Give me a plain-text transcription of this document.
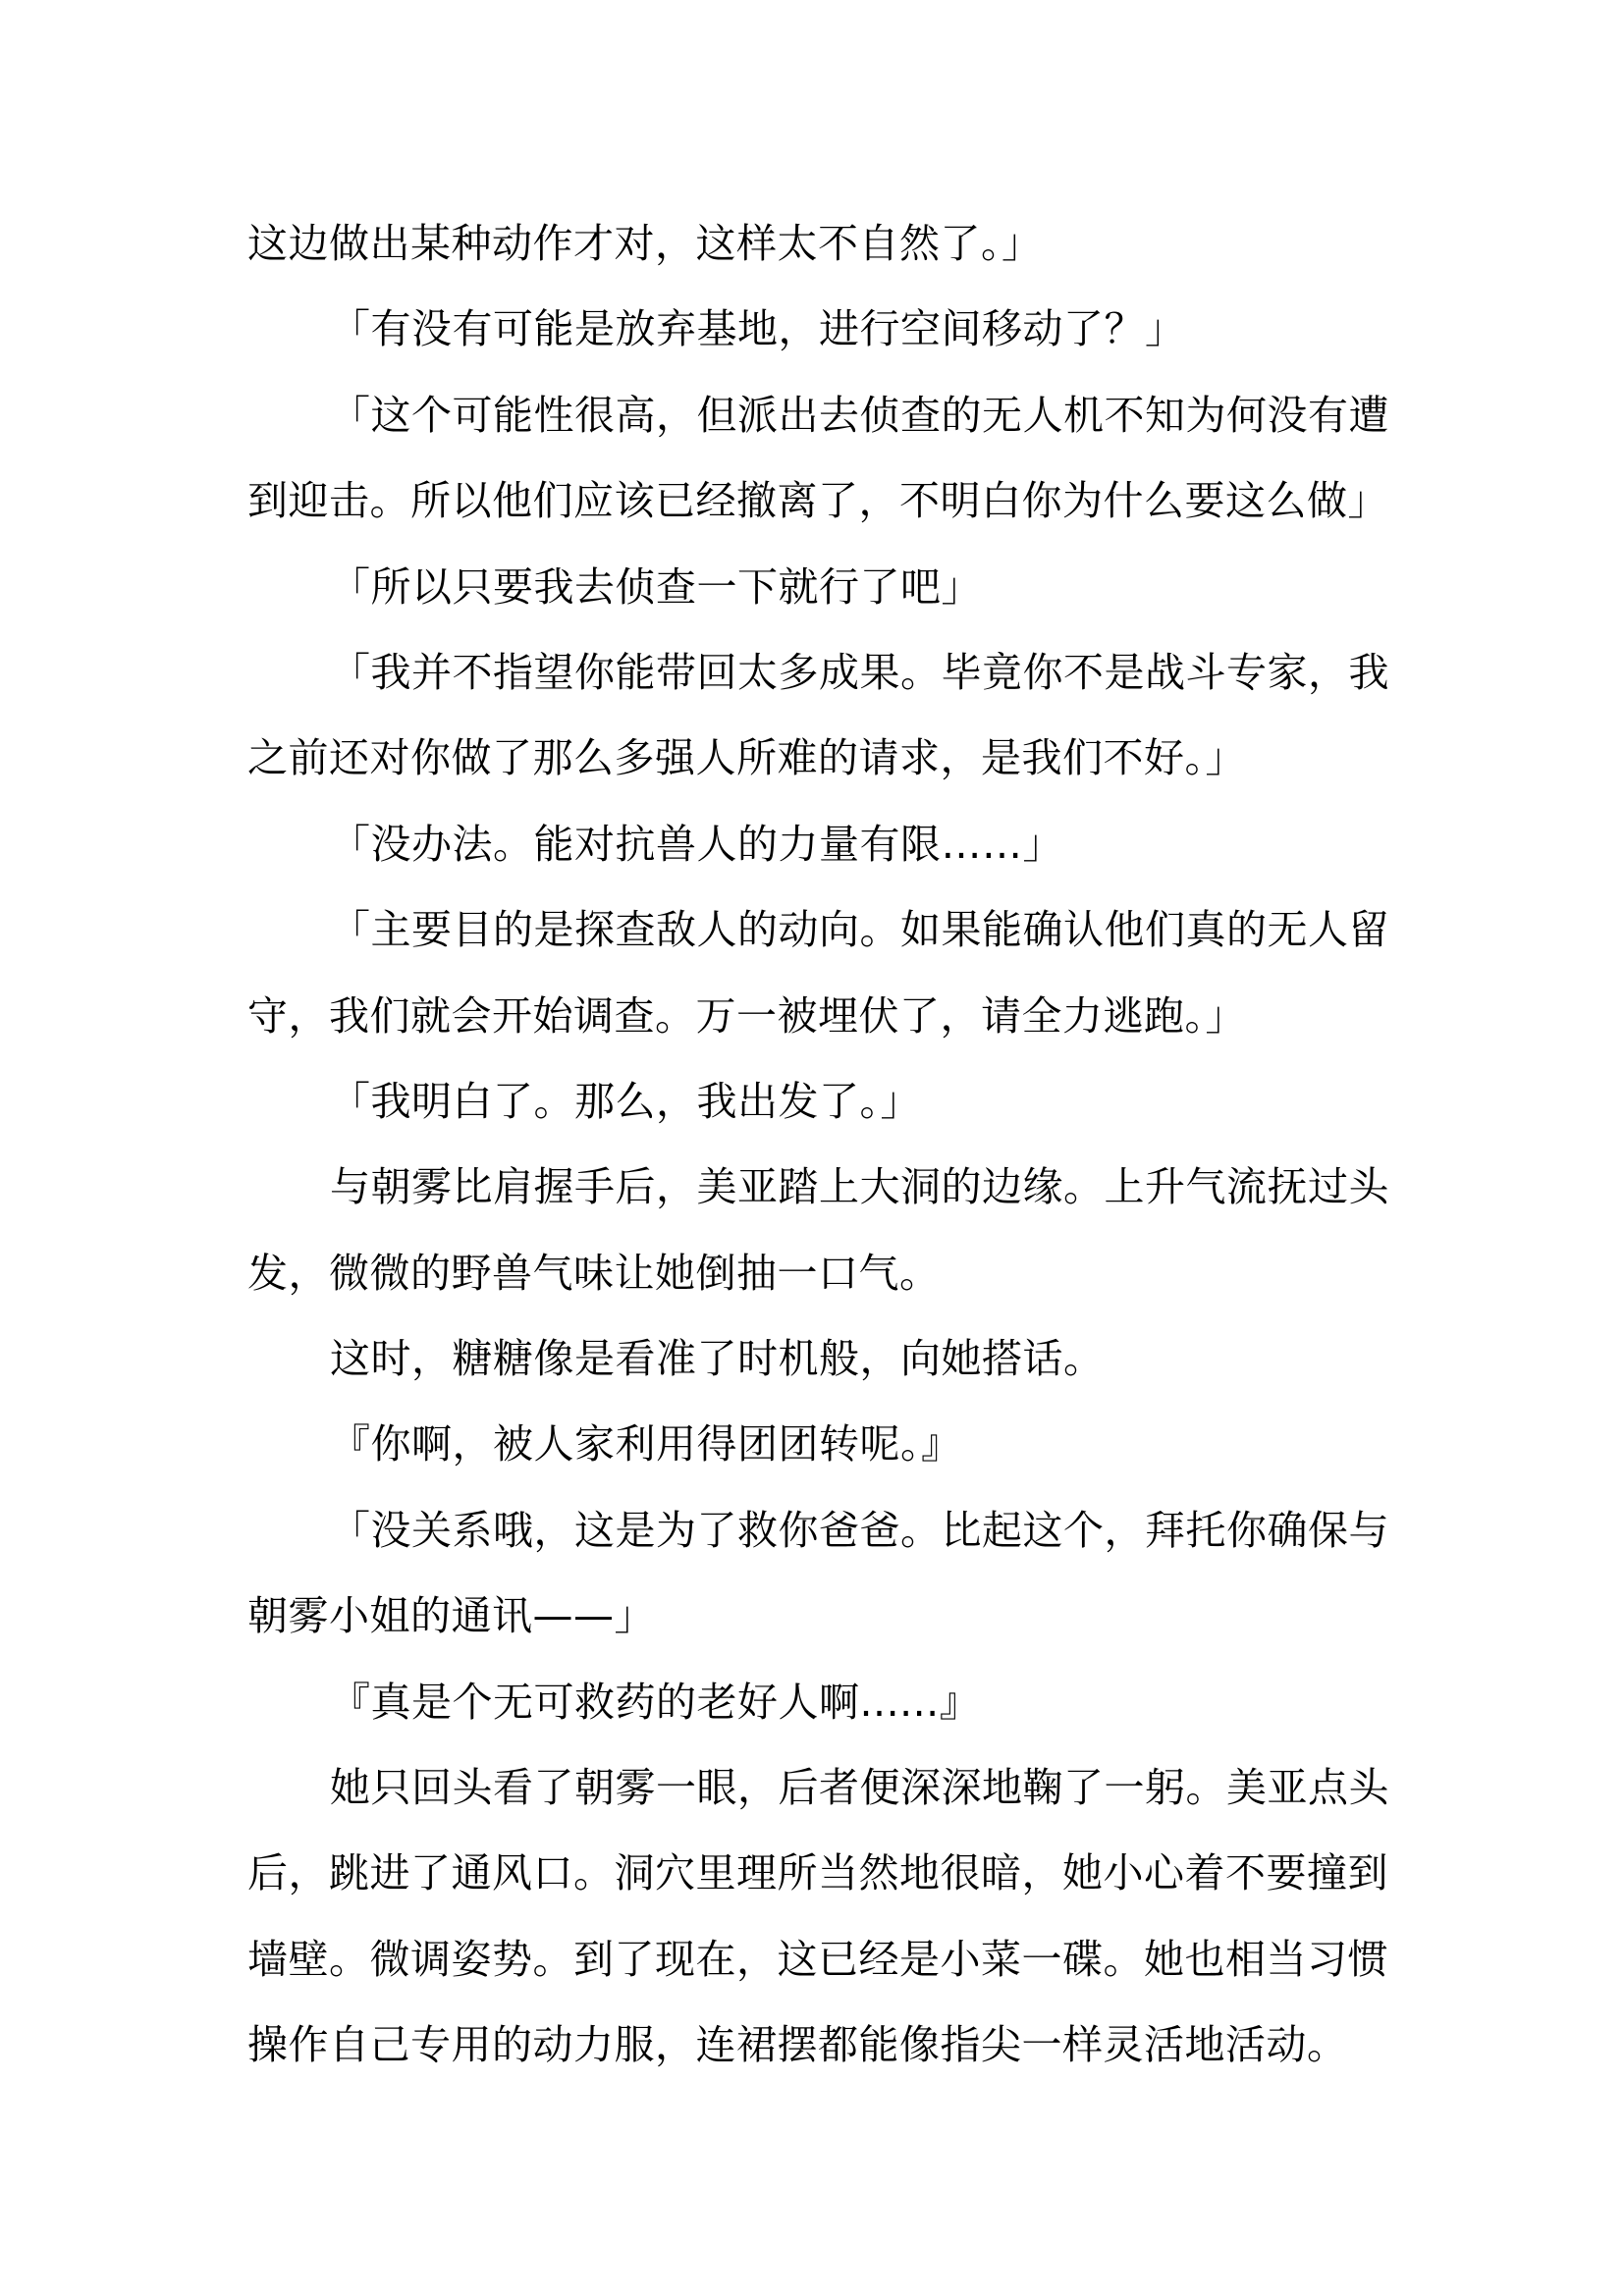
这边做出某种动作才对，这样太不自然了。」
「有没有可能是放弃基地，进行空间移动了？」
「这个可能性很高，但派出去侦查的无人机不知为何没有遭
到迎击。所以他们应该已经撤离了，不明白你为什么要这么做」
「所以只要我去侦查一下就行了吧」
「我并不指望你能带回太多成果。毕竟你不是战斗专家，我
之前还对你做了那么多强人所难的请求，是我们不好。」
「没办法。能对抗兽人的力量有限……」
「主要目的是探查敌人的动向。如果能确认他们真的无人留
守，我们就会开始调查。万一被埋伏了，请全力逃跑。」
「我明白了。那么，我出发了。」
与朝雾比肩握手后，美亚踏上大洞的边缘。上升气流抚过头
发，微微的野兽气味让她倒抽一口气。
这时，糖糖像是看准了时机般，向她搭话。
『你啊，被人家利用得团团转呢。』
「没关系哦，这是为了救你爸爸。比起这个，拜托你确保与
朝雾小姐的通讯——」
『真是个无可救药的老好人啊......』
她只回头看了朝雾一眼，后者便深深地鞠了一躬。美亚点头
后，跳进了通风口。洞穴里理所当然地很暗，她小心着不要撞到
墙壁。微调姿势。到了现在，这已经是小菜一碟。她也相当习惯
操作自己专用的动力服，连裙摆都能像指尖一样灵活地活动。
